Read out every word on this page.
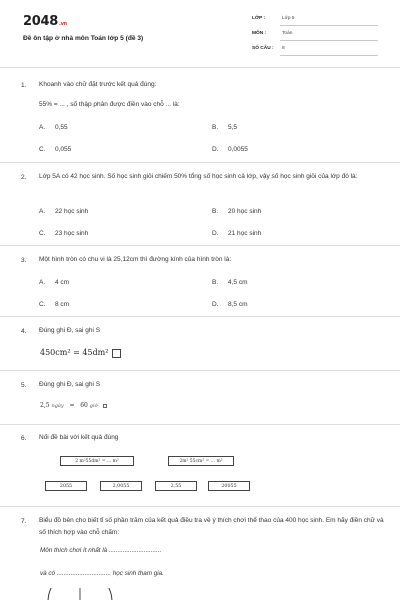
2048.vn
Đề ôn tập ở nhà môn Toán lớp 5 (đề 3)
LỚP :	Lớp 5
MÔN :	Toán
SỐ CÂU : 8
1. Khoanh vào chữ đặt trước kết quả đúng:
55% = ... , số thập phân được điền vào chỗ ... là:
A. 0,55	B. 5,5
C. 0,055	D. 0,0055
2. Lớp 5A có 42 học sinh. Số học sinh giỏi chiếm 50% tổng số học sinh cả lớp, vậy số học sinh giỏi của lớp đó là:
A. 22 học sinh	B. 20 học sinh
C. 23 học sinh	D. 21 học sinh
3. Một hình tròn có chu vi là 25,12cm thì đường kính của hình tròn là:
A. 4 cm	B. 4,5 cm
C. 8 cm	D. 8,5 cm
4. Đúng ghi Đ, sai ghi S
450cm² = 45dm²
5. Đúng ghi Đ, sai ghi S
2,5 ngày = 60 giờ
6. Nối đề bài với kết quả đúng
2 m²55dm² = ... m²	2m² 55cm² = ... m²
2055	2,0055	2,55	20055
7. Biểu đồ bên cho biết tỉ số phần trăm của kết quả điều tra về ý thích chơi thể thao của 400 học sinh. Em hãy điền chữ và số thích hợp vào chỗ chấm:
Môn thích chơi ít nhất là ..............................
và có ............................... học sinh tham gia.
